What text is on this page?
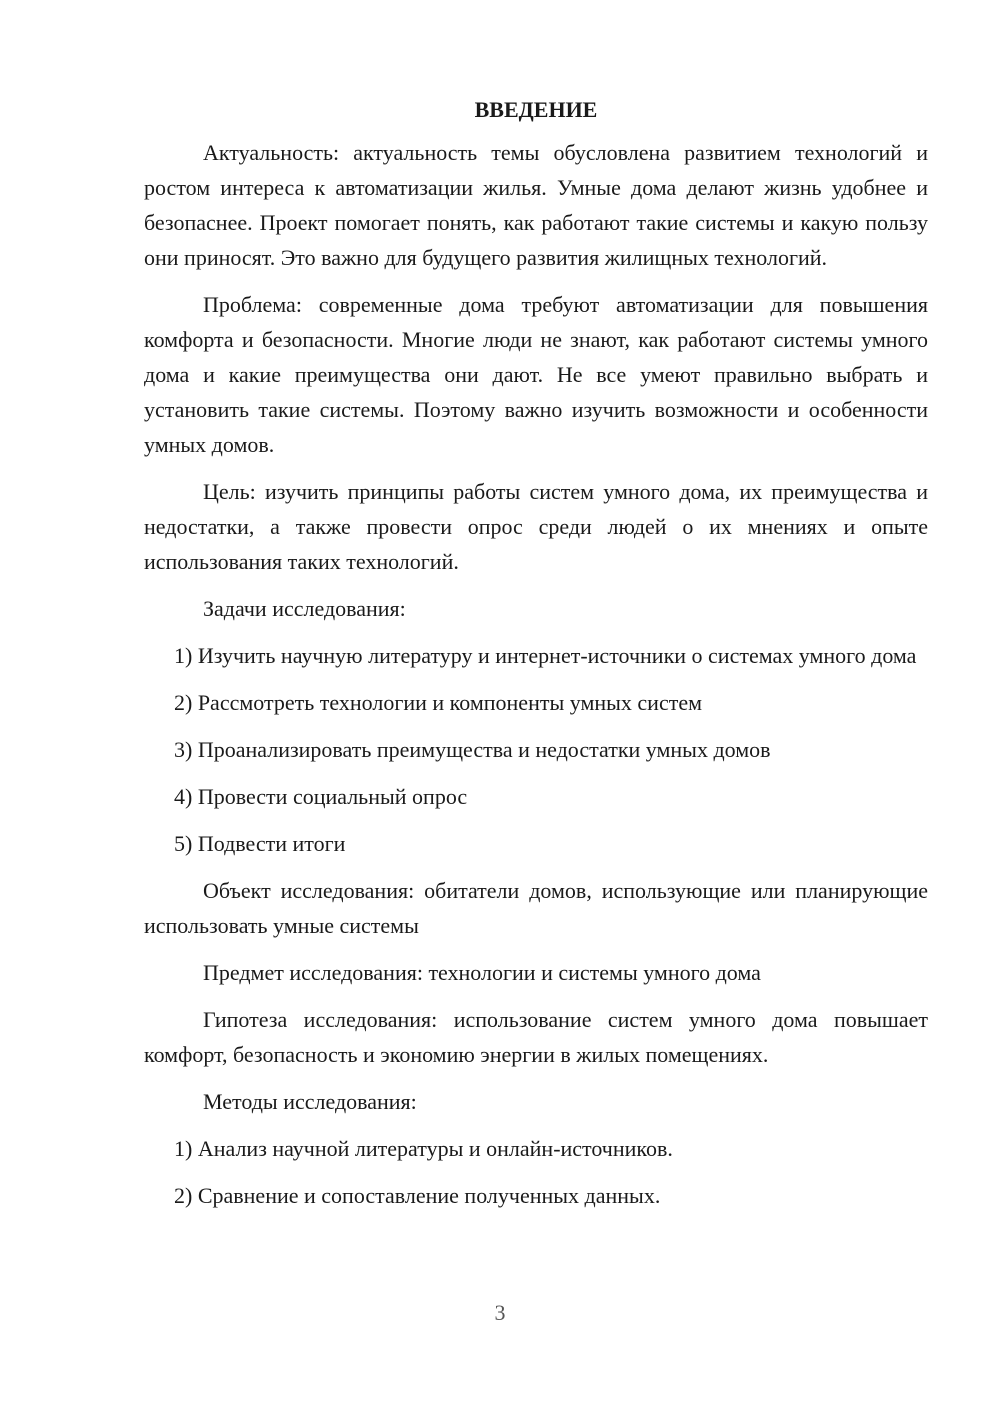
ВВЕДЕНИЕ

Актуальность: актуальность темы обусловлена развитием технологий и ростом интереса к автоматизации жилья. Умные дома делают жизнь удобнее и безопаснее. Проект помогает понять, как работают такие системы и какую пользу они приносят. Это важно для будущего развития жилищных технологий.

Проблема: современные дома требуют автоматизации для повышения комфорта и безопасности. Многие люди не знают, как работают системы умного дома и какие преимущества они дают. Не все умеют правильно выбрать и установить такие системы. Поэтому важно изучить возможности и особенности умных домов.

Цель: изучить принципы работы систем умного дома, их преимущества и недостатки, а также провести опрос среди людей о их мнениях и опыте использования таких технологий.

Задачи исследования:

1) Изучить научную литературу и интернет-источники о системах умного дома

2) Рассмотреть технологии и компоненты умных систем

3) Проанализировать преимущества и недостатки умных домов

4) Провести социальный опрос

5) Подвести итоги

Объект исследования: обитатели домов, использующие или планирующие использовать умные системы

Предмет исследования: технологии и системы умного дома

Гипотеза исследования: использование систем умного дома повышает комфорт, безопасность и экономию энергии в жилых помещениях.

Методы исследования:

1) Анализ научной литературы и онлайн-источников.

2) Сравнение и сопоставление полученных данных.

3
